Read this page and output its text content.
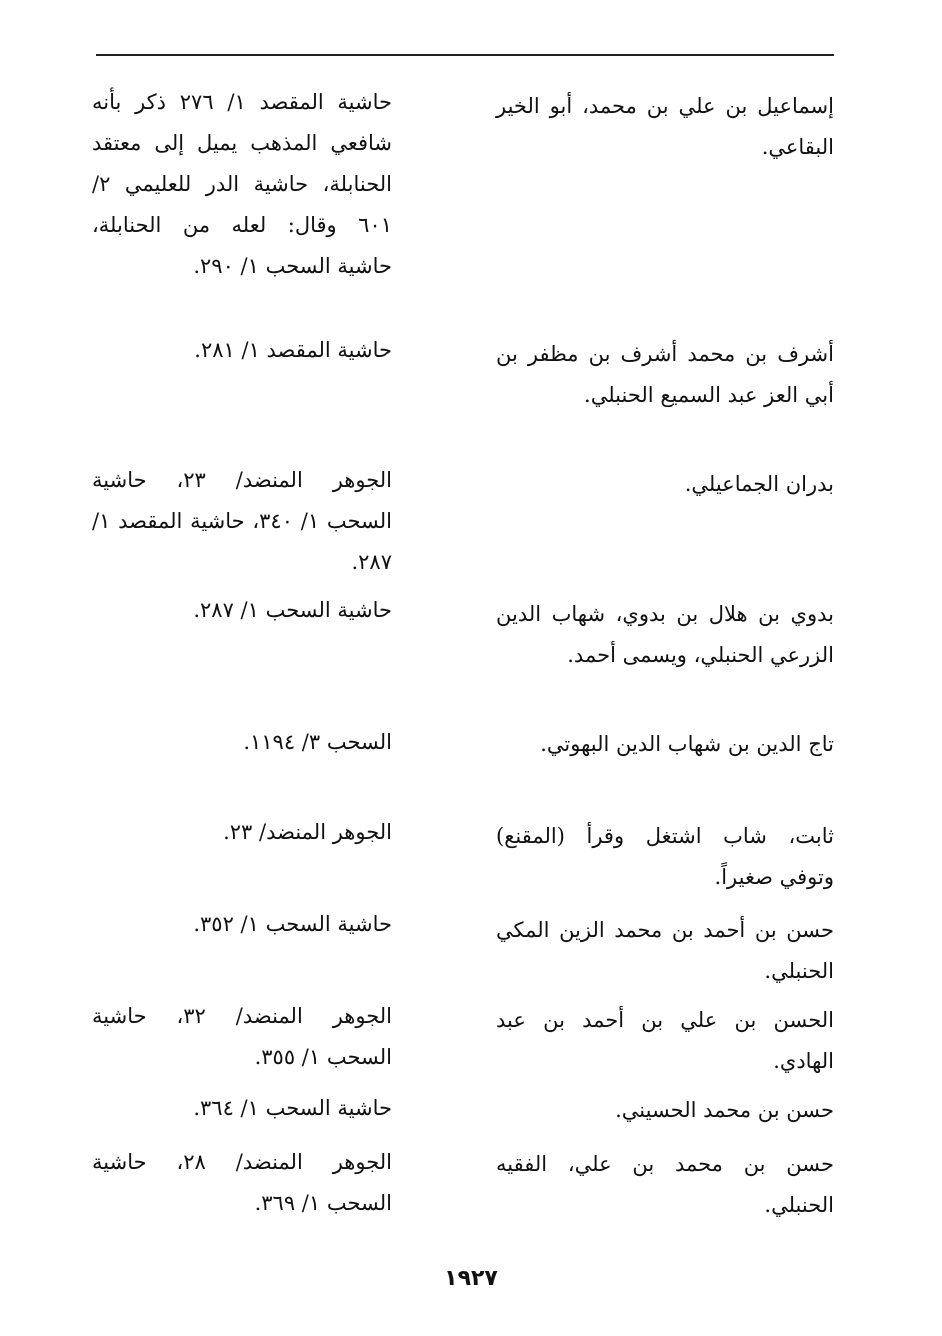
إسماعيل بن علي بن محمد، أبو الخير البقاعي.
حاشية المقصد ١/ ٢٧٦ ذكر بأنه شافعي المذهب يميل إلى معتقد الحنابلة، حاشية الدر للعليمي ٢/ ٦٠١ وقال: لعله من الحنابلة، حاشية السحب ١/ ٢٩٠.
أشرف بن محمد أشرف بن مظفر بن أبي العز عبد السميع الحنبلي.
حاشية المقصد ١/ ٢٨١.
بدران الجماعيلي.
الجوهر المنضد/ ٢٣، حاشية السحب ١/ ٣٤٠، حاشية المقصد ١/ ٢٨٧.
بدوي بن هلال بن بدوي، شهاب الدين الزرعي الحنبلي، ويسمى أحمد.
حاشية السحب ١/ ٢٨٧.
تاج الدين بن شهاب الدين البهوتي.
السحب ٣/ ١١٩٤.
ثابت، شاب اشتغل وقرأ (المقنع) وتوفي صغيراً.
الجوهر المنضد/ ٢٣.
حسن بن أحمد بن محمد الزين المكي الحنبلي.
حاشية السحب ١/ ٣٥٢.
الحسن بن علي بن أحمد بن عبد الهادي.
الجوهر المنضد/ ٣٢، حاشية السحب ١/ ٣٥٥.
حسن بن محمد الحسيني.
حاشية السحب ١/ ٣٦٤.
حسن بن محمد بن علي، الفقيه الحنبلي.
الجوهر المنضد/ ٢٨، حاشية السحب ١/ ٣٦٩.
١٩٢٧
